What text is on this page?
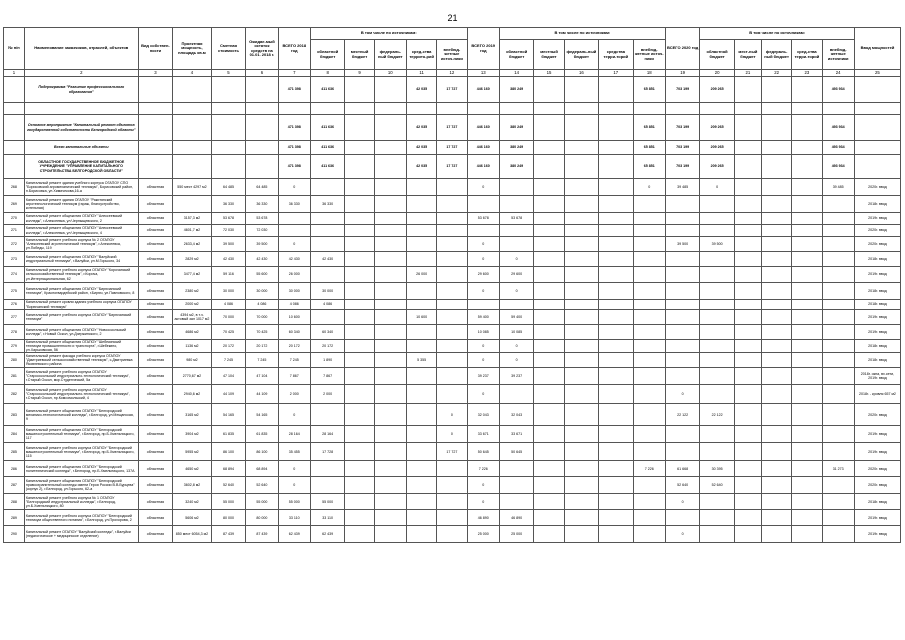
21
№ п/п	Наименование заказчиков, отраслей, объектов	Вид собствен-ности	Проектная мощность, площадь кв.м	Сметная стоимость	Ожидае-мый остаток средств на 01.01. 2018 г.	ВСЕГО 2018 год	В том числе по источникам:					ВСЕГО 2019 год	В том числе по источникам:					ВСЕГО 2020 год	В том числе по источникам:					Ввод мощностей
							областной бюджет	местный бюджет	федераль-ный бюджет	сред-ства террито-рий	внебюд-жетные источ-ники		областной бюджет	местный бюджет	федераль-ный бюджет	средства терри-торий	внебюд-жетные источ-ники		областной бюджет	мест-ный бюджет	федераль-ный бюджет	сред-ства терри-торий	внебюд-жетные источники	
1	2	3	4	5	6	7	8	9	10	11	12	13	14	15	16	17	18	19	20	21	22	23	24	25
	Подпрограмма "Развитие профессионального образования"					471 398	411 636			42 035	17 727	446 160	380 249				65 851	703 199	209 265				493 934	

	Основное мероприятие "Капитальный ремонт объектов государственной собственности Белгородской области"					471 398	411 636			42 035	17 727	446 160	380 249				65 851	703 199	209 265				493 934	
	Всего капитальные объекты					471 398	411 636			42 035	17 727	446 160	380 249				65 851	703 199	209 265				493 934	
	ОБЛАСТНОЕ ГОСУДАРСТВЕННОЕ БЮДЖЕТНОЕ УЧРЕЖДЕНИЕ "УПРАВЛЕНИЕ КАПИТАЛЬНОГО СТРОИТЕЛЬСТВА БЕЛГОРОДСКОЙ ОБЛАСТИ"					471 398	411 636			42 035	17 727	446 160	380 249				65 851	703 199	209 265				493 934	
268	Капитальный ремонт здания учебного корпуса ОГАПОУ СПО "Борисовский агромеханический техникум", Борисовский район, п.Борисовка, ул.Химичекова,16-а	областная	550 мест 4297 м2	64 485	64 485	0						0					0	39 485	0				39 485	2020г. ввод
269	Капитальный ремонт здания ОГАПОУ "Ракитянский агротехнологический техникум (гараж, благоустройство, котельная)	областная		36 330	36 330	36 330	36 330																	2018г. ввод
270	Капитальный ремонт общежития ОГАПОУ "Алексеевский колледж", г.Алексеевка, ул.Черныщевского, 2	областная	3157,3 м2	53 678	53 678							53 678	53 678											2019г. ввод
271	Капитальный ремонт общежития ОГАПОУ "Алексеевский колледж", г.Алексеевка, ул.Черныщевского, 4	областная	4601,7 м2	72 030	72 030																			2020г. ввод
272	Капитальный ремонт учебного корпуса № 2 ОГАПОУ "Алексеевский агротехнический техникум", г.Алексеевка, ул.Победы, 119	областная	2633,4 м2	39 500	39 500	0						0						39 500	39 500					2020г. ввод
273	Капитальный ремонт общежития ОГАПОУ "Валуйский индустриальный техникум", г.Валуйки, ул.М.Горького, 34	областная	2829 м2	42 430	42 430	42 430	42 430					0	0											2018г. ввод
274	Капитальный ремонт учебного корпуса ОГАПОУ "Корочанский сельскохозяйственный техникум", г.Короча, ул.Интернациональная, 62	областная	3477,4 м2	59 116	55 600	26 000				26 000		29 600	29 600											2019г. ввод
275	Капитальный ремонт общежития ОГАПОУ "Бирючанский техникум", Красногвардейский район, г.Бирюч, ул.Павловского, 8	областная	2380 м2	30 000	30 000	30 000	30 000					0	0											2018г. ввод
276	Капитальный ремонт кровли здания учебного корпуса ОГАПОУ "Бирючанский техникум"	областная	2000 м2	4 086	4 086	4 086	4 086																	2018г. ввод
277	Капитальный ремонт учебного корпуса ОГАПОУ "Бирючанский техникум"	областная	4394 м2, в т.ч. актовый зал 1017 м2	70 000	70 000	10 600				10 600		59 400	59 400											2019г. ввод
278	Капитальный ремонт общежития ОГАПОУ "Новооскольский колледж", г.Новый Оскол, ул.Дзержинского, 2	областная	4686 м2	70 425	70 425	60 340	60 340					10 085	10 085											2019г. ввод
279	Капитальный ремонт общежития ОГАПОУ "Шебекинский техникум промышленности и транспорта", г.Шебекино, ул.Харьковская, 56	областная	1136 м2	20 172	20 172	20 172	20 172					0	0											2018г. ввод
280	Капитальный ремонт фасада учебного корпуса ОГАПОУ "Дмитриевский сельскохозяйственный техникум", с.Дмитриевка Яковлевского района	областная	980 м2	7 245	7 245	7 245	1 890			5 355		0	0											2018г. ввод
281	Капитальный ремонт учебного корпуса ОГАПОУ "Старооскольский индустриально-технологический техникум", г.Старый Оскол, мкр.Студенческий, 5а	областная	2770,67 м2	47 104	47 104	7 867	7 867					39 237	39 237											2018г. окна, вх.сети, 2019г. ввод
282	Капитальный ремонт учебного корпуса ОГАПОУ "Старооскольский индустриально-технологический техникум", г.Старый Оскол, пр.Комсомольский, 4	областная	2940,6 м2	44 109	44 109	2 000	2 000					0						0						2018г. - кровля 657 м2
283	Капитальный ремонт общежития ОГАПОУ "Белгородский механико-технологический колледж", г.Белгород, ул.Мещанская, 9	областная	3165 м2	54 165	54 165	0					0	32 043	32 043					22 122	22 122					2020г. ввод
284	Капитальный ремонт общежития ОГАПОУ "Белгородский машиностроительный техникум", г.Белгород, пр.Б.Хмельницкого, 117	областная	3904 м2	61 835	61 835	28 164	28 164				0	33 671	33 671											2019г. ввод
285	Капитальный ремонт учебного корпуса ОГАПОУ "Белгородский машиностроительный техникум", г.Белгород, пр.Б.Хмельницкого, 115	областная	5955 м2	86 100	86 100	35 455	17 728				17 727	50 645	50 645											2019г. ввод
286	Капитальный ремонт общежития ОГАПОУ "Белгородский политехнический колледж", г.Белгород, пр.Б.Хмельницкого, 137А	областная	4650 м2	68 894	68 894	0						7 226					7 226	61 668	30 395				31 273	2020г. ввод
287	Капитальный ремонт общежития ОГАПОУ "Белгородский правоохранительный колледж имени Героя России В.В.Бурцева" (корпус 2), г.Белгород, ул.Горького, 62-а	областная	3602,8 м2	52 640	52 640	0						0						52 640	52 640					2020г. ввод
288	Капитальный ремонт учебного корпуса № 1 ОГАПОУ "Белгородский индустриальный колледж", г.Белгород, ул.Б.Хмельницкого, 80	областная	3240 м2	55 000	55 000	55 000	55 000					0						0						2018г. ввод
289	Капитальный ремонт учебного корпуса ОГАПОУ "Белгородский техникум общественного питания", г.Белгород, ул.Прохорова, 2	областная	5606 м2	80 000	80 000	33 110	33 110					46 890	46 890											2019г. ввод
290	Капитальный ремонт ОГАПОУ "Валуйский колледж", г.Валуйки (педагогическое + медицинское отделение)	областная	850 мест 6054,3 м2	87 439	87 439	62 439	62 439					25 000	25 000					0						2019г. ввод
